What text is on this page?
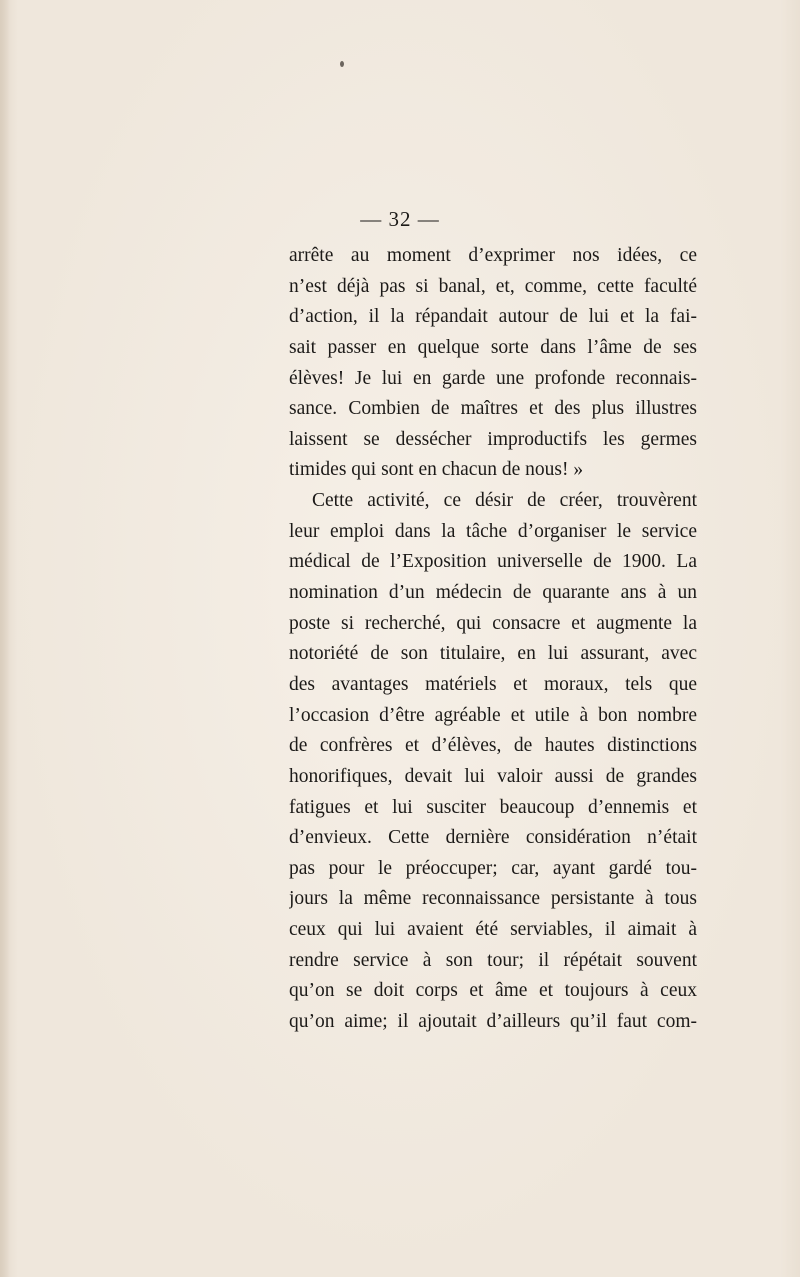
— 32 —

arrête au moment d’exprimer nos idées, ce
n’est déjà pas si banal, et, comme, cette faculté
d’action, il la répandait autour de lui et la fai-
sait passer en quelque sorte dans l’âme de ses
élèves! Je lui en garde une profonde reconnais-
sance. Combien de maîtres et des plus illustres
laissent se dessécher improductifs les germes
timides qui sont en chacun de nous! »
Cette activité, ce désir de créer, trouvèrent
leur emploi dans la tâche d’organiser le service
médical de l’Exposition universelle de 1900. La
nomination d’un médecin de quarante ans à un
poste si recherché, qui consacre et augmente la
notoriété de son titulaire, en lui assurant, avec
des avantages matériels et moraux, tels que
l’occasion d’être agréable et utile à bon nombre
de confrères et d’élèves, de hautes distinctions
honorifiques, devait lui valoir aussi de grandes
fatigues et lui susciter beaucoup d’ennemis et
d’envieux. Cette dernière considération n’était
pas pour le préoccuper; car, ayant gardé tou-
jours la même reconnaissance persistante à tous
ceux qui lui avaient été serviables, il aimait à
rendre service à son tour; il répétait souvent
qu’on se doit corps et âme et toujours à ceux
qu’on aime; il ajoutait d’ailleurs qu’il faut com-
